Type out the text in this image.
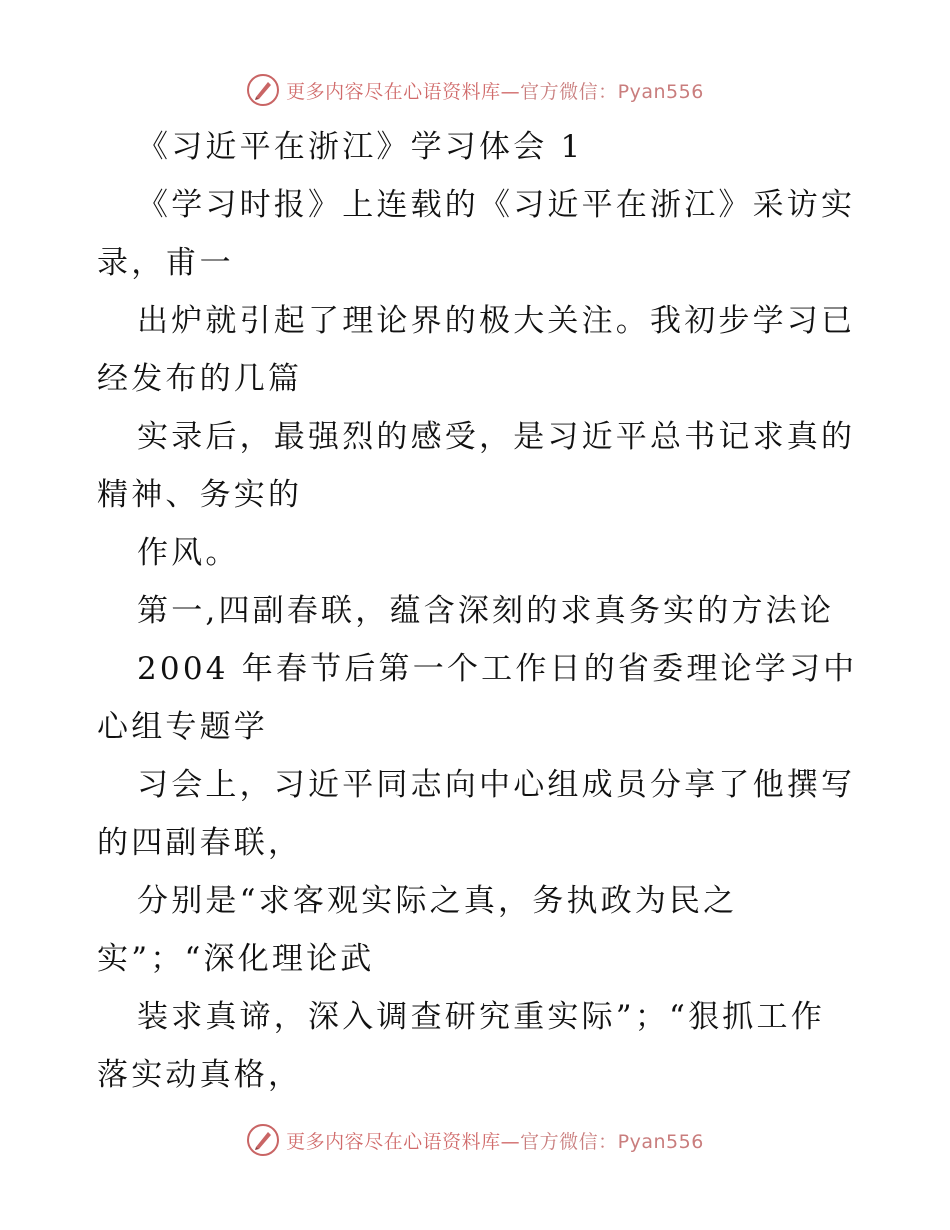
更多内容尽在心语资料库— 官方微信：Pyan556
《习近平在浙江》学习体会 1
《学习时报》上连载的《习近平在浙江》采访实
录，甫一
出炉就引起了理论界的极大关注。我初步学习已
经发布的几篇
实录后，最强烈的感受，是习近平总书记求真的
精神、务实的
作风。
第一,四副春联，蕴含深刻的求真务实的方法论
2004 年春节后第一个工作日的省委理论学习中
心组专题学
习会上，习近平同志向中心组成员分享了他撰写
的四副春联，
分别是“求客观实际之真，务执政为民之
实”；“深化理论武
装求真谛，深入调查研究重实际”；“狠抓工作
落实动真格，
更多内容尽在心语资料库— 官方微信：Pyan556
